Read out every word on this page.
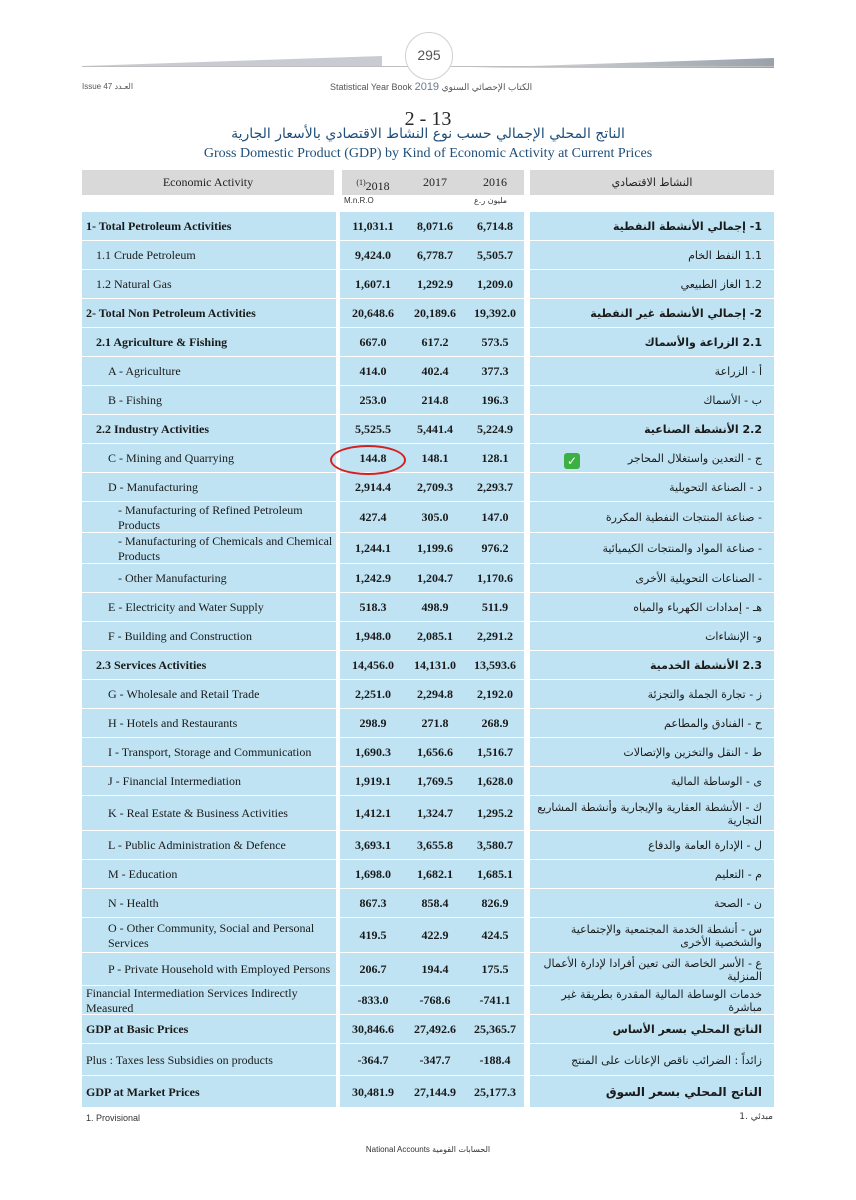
295
Issue 47 العـدد	Statistical Year Book 2019 الكتاب الإحصائي السنوي
2 - 13
الناتج المحلي الإجمالي حسب نوع النشاط الاقتصادي بالأسعار الجارية
Gross Domestic Product (GDP) by Kind of Economic Activity at Current Prices
Economic Activity	$^{(1)}$2018	2017	2016	النشاط الاقتصادي
M.n.R.O	مليون ر.ع
1- Total Petroleum Activities	11,031.1	8,071.6	6,714.8	1- إجمالي الأنشطة النفطية
1.1 Crude Petroleum	9,424.0	6,778.7	5,505.7	1.1 النفط الخام
1.2 Natural Gas	1,607.1	1,292.9	1,209.0	1.2 الغاز الطبيعي
2- Total Non Petroleum Activities	20,648.6	20,189.6	19,392.0	2- إجمالي الأنشطة غير النفطية
2.1 Agriculture & Fishing	667.0	617.2	573.5	2.1 الزراعة والأسماك
A - Agriculture	414.0	402.4	377.3	أ - الزراعة
B - Fishing	253.0	214.8	196.3	ب - الأسماك
2.2 Industry Activities	5,525.5	5,441.4	5,224.9	2.2 الأنشطة الصناعية
C - Mining and Quarrying	144.8	148.1	128.1	ج - التعدين واستغلال المحاجر
D - Manufacturing	2,914.4	2,709.3	2,293.7	د - الصناعة التحويلية
- Manufacturing of Refined Petroleum Products
427.4	305.0	147.0	- صناعة المنتجات النفطية المكررة
- Manufacturing of Chemicals and Chemical Products
1,244.1	1,199.6	976.2	- صناعة المواد والمنتجات الكيميائية
- Other Manufacturing	1,242.9	1,204.7	1,170.6	- الصناعات التحويلية الأخرى
E - Electricity and Water Supply	518.3	498.9	511.9	هـ - إمدادات الكهرباء والمياه
F - Building and Construction	1,948.0	2,085.1	2,291.2	و- الإنشاءات
2.3 Services Activities	14,456.0	14,131.0	13,593.6	2.3 الأنشطة الخدمية
G - Wholesale and Retail Trade	2,251.0	2,294.8	2,192.0	ز - تجارة الجملة والتجزئة
H - Hotels and Restaurants	298.9	271.8	268.9	ح - الفنادق والمطاعم
I - Transport, Storage and Communication	1,690.3	1,656.6	1,516.7	ط - النقل والتخزين والإتصالات
J - Financial Intermediation	1,919.1	1,769.5	1,628.0	ى - الوساطة المالية
K - Real Estate & Business Activities	1,412.1	1,324.7	1,295.2	ك - الأنشطة العقارية والإيجارية وأنشطة المشاريع التجارية
L - Public Administration & Defence	3,693.1	3,655.8	3,580.7	ل - الإدارة العامة والدفاع
M - Education	1,698.0	1,682.1	1,685.1	م - التعليم
N - Health	867.3	858.4	826.9	ن - الصحة
O - Other Community, Social and Personal Services
419.5	422.9	424.5	س - أنشطة الخدمة المجتمعية والإجتماعية والشخصية الأخرى
P - Private Household with Employed Persons	206.7	194.4	175.5	ع - الأسر الخاصة التى تعين أفرادا لإدارة الأعمال المنزلية
Financial Intermediation Services Indirectly Measured
-833.0	-768.6	-741.1	خدمات الوساطة المالية المقدرة بطريقة غير مباشرة
GDP at Basic Prices	30,846.6	27,492.6	25,365.7	الناتج المحلي بسعر الأساس
Plus : Taxes less Subsidies on products	-364.7	-347.7	-188.4	زائداً : الضرائب ناقص الإعانات على المنتج
GDP at Market Prices	30,481.9	27,144.9	25,177.3	الناتج المحلي بسعر السوق
✓
1. Provisional	1. مبدئي
National Accounts الحسابات القومية
